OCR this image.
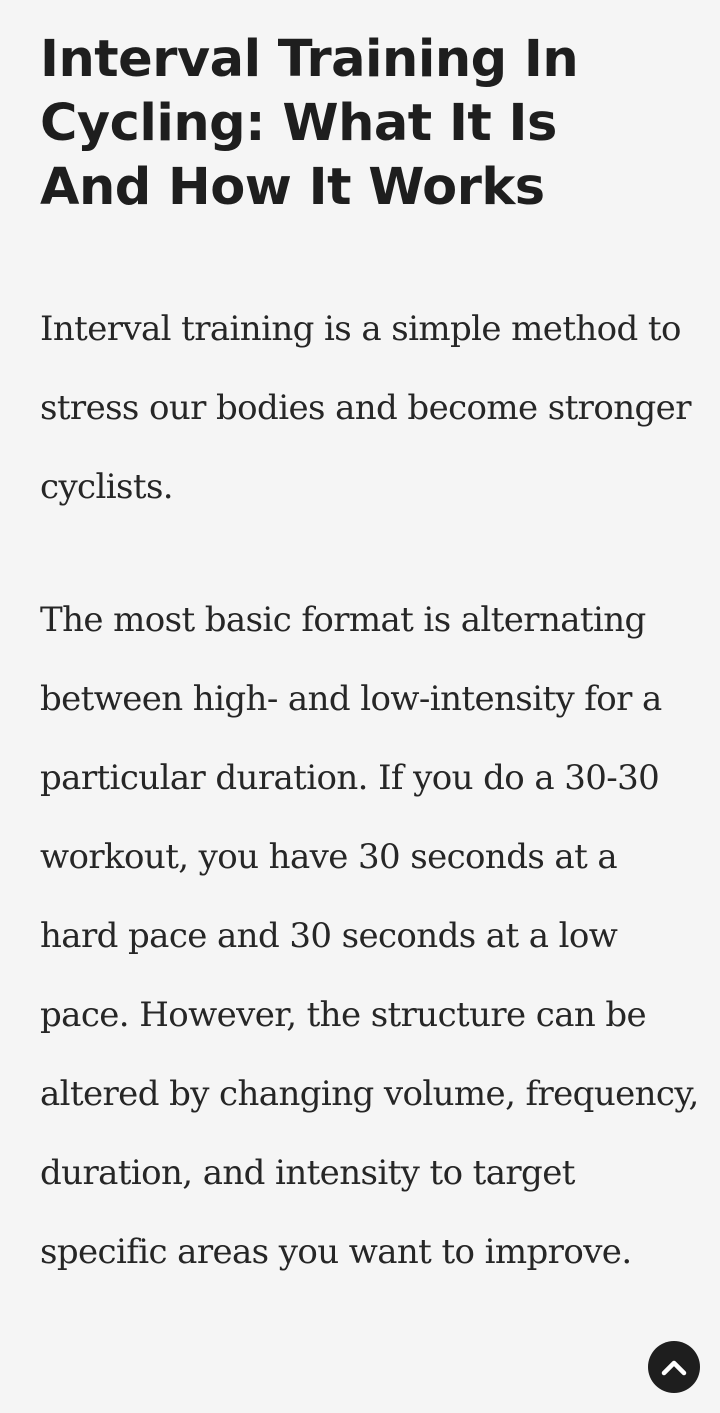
Interval Training In Cycling: What It Is And How It Works

Interval training is a simple method to stress our bodies and become stronger cyclists.

The most basic format is alternating between high- and low-intensity for a particular duration. If you do a 30-30 workout, you have 30 seconds at a hard pace and 30 seconds at a low pace. However, the structure can be altered by changing volume, frequency, duration, and intensity to target specific areas you want to improve.
